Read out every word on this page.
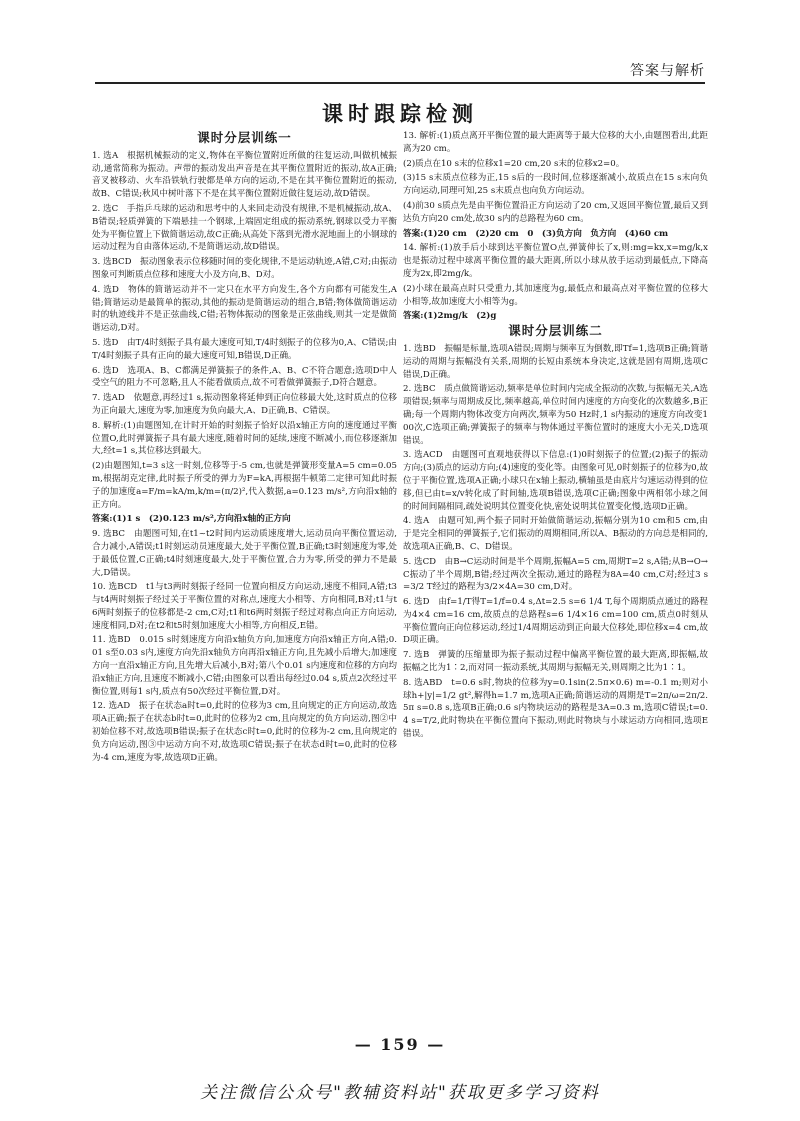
答案与解析
课时跟踪检测
课时分层训练一

1. 选A　根据机械振动的定义,物体在平衡位置附近所做的往复运动,叫做机械振动,通常简称为振动。声带的振动发出声音是在其平衡位置附近的振动,故A正确;音叉被移动、火车沿铁轨行驶都是单方向的运动,不是在其平衡位置附近的振动,故B、C错误;秋风中树叶落下不是在其平衡位置附近做往复运动,故D错误。

2. 选C　手指乒乓球的运动和思考中的人来回走动没有规律,不是机械振动,故A、B错误;轻质弹簧的下端悬挂一个钢球,上端固定组成的振动系统,钢球以受力平衡处为平衡位置上下做简谐运动,故C正确;从高处下落到光滑水泥地面上的小钢球的运动过程为自由落体运动,不是简谐运动,故D错误。

3. 选BCD　振动图象表示位移随时间的变化规律,不是运动轨迹,A错,C对;由振动图象可判断质点位移和速度大小及方向,B、D对。

4. 选D　物体的简谐运动并不一定只在水平方向发生,各个方向都有可能发生,A错;简谐运动是最简单的振动,其他的振动是简谐运动的组合,B错;物体做简谐运动时的轨迹线并不是正弦曲线,C错;若物体振动的图象是正弦曲线,则其一定是做简谐运动,D对。

5. 选D　由T/4时刻振子具有最大速度可知,T/4时刻振子的位移为0,A、C错误;由T/4时刻振子具有正向的最大速度可知,B错误,D正确。

6. 选D　选项A、B、C都满足弹簧振子的条件,A、B、C不符合题意;选项D中人受空气的阻力不可忽略,且人不能看做质点,故不可看做弹簧振子,D符合题意。

7. 选AD　依题意,再经过1 s,振动图象将延伸到正向位移最大处,这时质点的位移为正向最大,速度为零,加速度为负向最大,A、D正确,B、C错误。

8. 解析:(1)由题图知,在计时开始的时刻振子恰好以沿x轴正方向的速度通过平衡位置O,此时弹簧振子具有最大速度,随着时间的延续,速度不断减小,而位移逐渐加大,经t=1 s,其位移达到最大。

(2)由题图知,t=3 s这一时刻,位移等于-5 cm,也就是弹簧形变量A=5 cm=0.05 m,根据胡克定律,此时振子所受的弹力为F=kA,再根据牛顿第二定律可知此时振子的加速度a=F/m=kA/m,k/m=(π/2)²,代入数据,a=0.123 m/s²,方向沿x轴的正方向。

答案:(1)1 s　(2)0.123 m/s²,方向沿x轴的正方向

9. 选BC　由题图可知,在t1~t2时间内运动质速度增大,运动员向平衡位置运动,合力减小,A错误;t1时刻运动员速度最大,处于平衡位置,B正确;t3时刻速度为零,处于最低位置,C正确;t4时刻速度最大,处于平衡位置,合力为零,所受的弹力不是最大,D错误。

10. 选BCD　t1与t3两时刻振子经同一位置向相反方向运动,速度不相同,A错;t3与t4两时刻振子经过关于平衡位置的对称点,速度大小相等、方向相同,B对;t1与t6两时刻振子的位移都是-2 cm,C对;t1和t6两时刻振子经过对称点向正方向运动,速度相同,D对;在t2和t5时刻加速度大小相等,方向相反,E错。

11. 选BD　0.015 s时刻速度方向沿x轴负方向,加速度方向沿x轴正方向,A错;0.01 s至0.03 s内,速度方向先沿x轴负方向再沿x轴正方向,且先减小后增大;加速度方向一直沿x轴正方向,且先增大后减小,B对;第八个0.01 s内速度和位移的方向均沿x轴正方向,且速度不断减小,C错;由图象可以看出每经过0.04 s,质点2次经过平衡位置,则每1 s内,质点有50次经过平衡位置,D对。

12. 选AD　振子在状态a时t=0,此时的位移为3 cm,且向规定的正方向运动,故选项A正确;振子在状态b时t=0,此时的位移为2 cm,且向规定的负方向运动,图②中初始位移不对,故选项B错误;振子在状态c时t=0,此时的位移为-2 cm,且向规定的负方向运动,图③中运动方向不对,故选项C错误;振子在状态d时t=0,此时的位移为-4 cm,速度为零,故选项D正确。

13. 解析:(1)质点离开平衡位置的最大距离等于最大位移的大小,由题图看出,此距离为20 cm。

(2)质点在10 s末的位移x1=20 cm,20 s末的位移x2=0。

(3)15 s末质点位移为正,15 s后的一段时间,位移逐渐减小,故质点在15 s末向负方向运动,同理可知,25 s末质点也向负方向运动。

(4)前30 s质点先是由平衡位置沿正方向运动了20 cm,又返回平衡位置,最后又到达负方向20 cm处,故30 s内的总路程为60 cm。

答案:(1)20 cm　(2)20 cm　0　(3)负方向　负方向　(4)60 cm

14. 解析:(1)放手后小球到达平衡位置O点,弹簧伸长了x,则:mg=kx,x=mg/k,x也是振动过程中球离平衡位置的最大距离,所以小球从放手运动到最低点,下降高度为2x,即2mg/k。

(2)小球在最高点时只受重力,其加速度为g,最低点和最高点对平衡位置的位移大小相等,故加速度大小相等为g。

答案:(1)2mg/k　(2)g

课时分层训练二

1. 选BD　振幅是标量,选项A错误;周期与频率互为倒数,即Tf=1,选项B正确;简谐运动的周期与振幅没有关系,周期的长短由系统本身决定,这就是固有周期,选项C错误,D正确。

2. 选BC　质点做简谐运动,频率是单位时间内完成全振动的次数,与振幅无关,A选项错误;频率与周期成反比,频率越高,单位时间内速度的方向变化的次数越多,B正确;每一个周期内物体改变方向两次,频率为50 Hz时,1 s内振动的速度方向改变100次,C选项正确;弹簧振子的频率与物体通过平衡位置时的速度大小无关,D选项错误。

3. 选ACD　由题图可直观地获得以下信息:(1)0时刻振子的位置;(2)振子的振动方向;(3)质点的运动方向;(4)速度的变化等。由图象可见,0时刻振子的位移为0,故位于平衡位置,选项A正确;小球只在x轴上振动,横轴虽是由底片匀速运动得到的位移,但已由t=x/v转化成了时间轴,选项B错误,选项C正确;图象中两相邻小球之间的时间间隔相同,疏处说明其位置变化快,密处说明其位置变化慢,选项D正确。

4. 选A　由题可知,两个振子同时开始做简谐运动,振幅分别为10 cm和5 cm,由于是完全相同的弹簧振子,它们振动的周期相同,所以A、B振动的方向总是相同的,故选项A正确,B、C、D错误。

5. 选CD　由B→C运动时间是半个周期,振幅A=5 cm,周期T=2 s,A错;从B→O→C振动了半个周期,B错;经过两次全振动,通过的路程为8A=40 cm,C对;经过3 s=3/2 T经过的路程为3/2×4A=30 cm,D对。

6. 选D　由f=1/T得T=1/f=0.4 s,Δt=2.5 s=6 1/4 T,每个周期质点通过的路程为4×4 cm=16 cm,故质点的总路程s=6 1/4×16 cm=100 cm,质点0时刻从平衡位置向正向位移运动,经过1/4周期运动到正向最大位移处,即位移x=4 cm,故D项正确。

7. 选B　弹簧的压缩量即为振子振动过程中偏离平衡位置的最大距离,即振幅,故振幅之比为1∶2,而对同一振动系统,其周期与振幅无关,则周期之比为1∶1。

8. 选ABD　t=0.6 s时,物块的位移为y=0.1sin(2.5π×0.6) m=-0.1 m;则对小球h+|y|=1/2 gt²,解得h=1.7 m,选项A正确;简谐运动的周期是T=2π/ω=2π/2.5π s=0.8 s,选项B正确;0.6 s内物块运动的路程是3A=0.3 m,选项C错误;t=0.4 s=T/2,此时物块在平衡位置向下振动,则此时物块与小球运动方向相同,选项E错误。

— 159 —
关注微信公众号"教辅资料站"获取更多学习资料
